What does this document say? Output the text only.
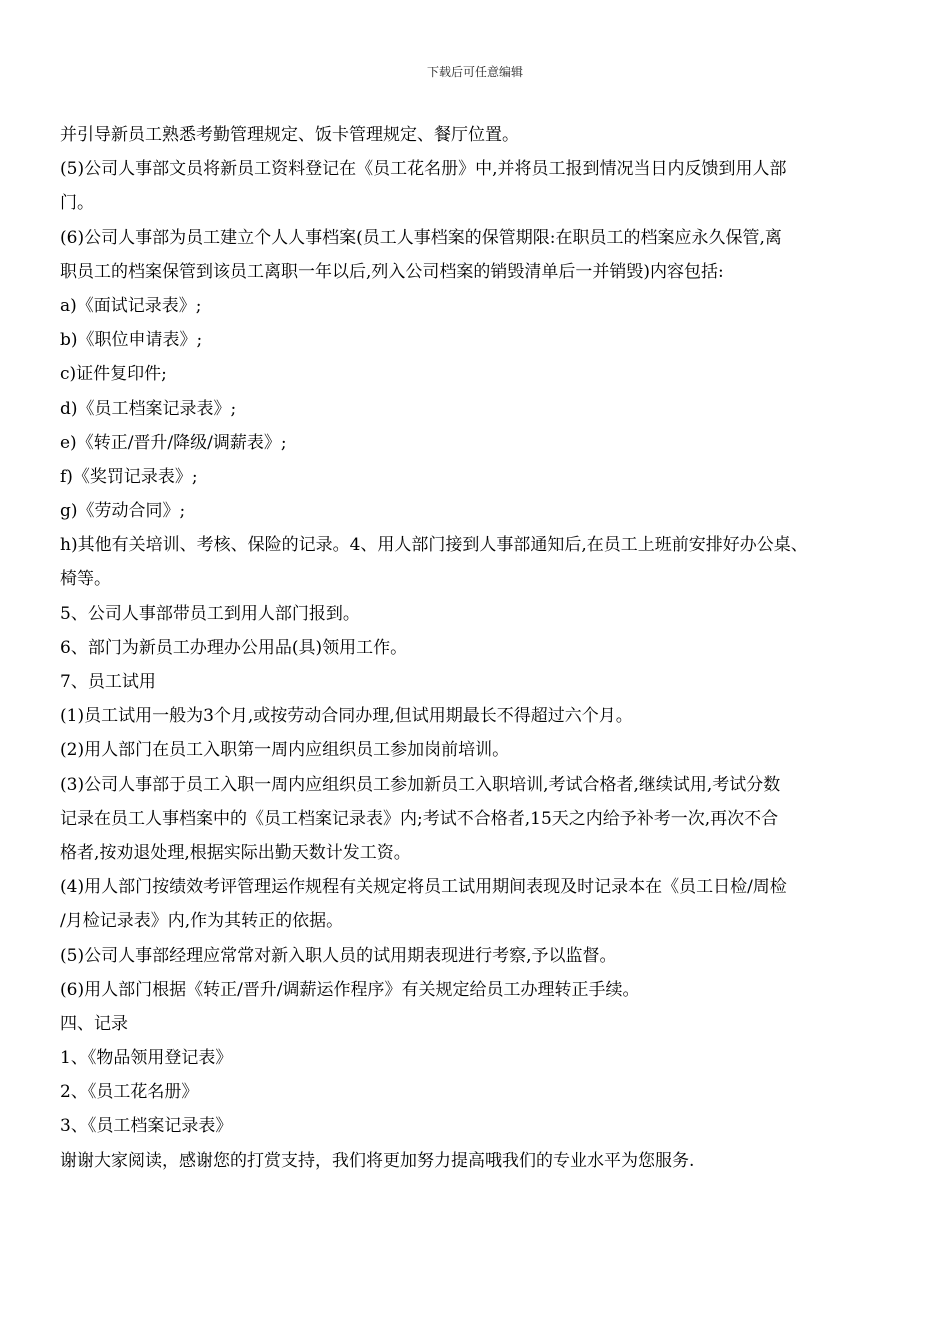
下载后可任意编辑
并引导新员工熟悉考勤管理规定、饭卡管理规定、餐厅位置。
(5)公司人事部文员将新员工资料登记在《员工花名册》中,并将员工报到情况当日内反馈到用人部
门。
(6)公司人事部为员工建立个人人事档案(员工人事档案的保管期限:在职员工的档案应永久保管,离
职员工的档案保管到该员工离职一年以后,列入公司档案的销毁清单后一并销毁)内容包括:
a)《面试记录表》;
b)《职位申请表》;
c)证件复印件;
d)《员工档案记录表》;
e)《转正/晋升/降级/调薪表》;
f)《奖罚记录表》;
g)《劳动合同》;
h)其他有关培训、考核、保险的记录。4、用人部门接到人事部通知后,在员工上班前安排好办公桌、
椅等。
5、公司人事部带员工到用人部门报到。
6、部门为新员工办理办公用品(具)领用工作。
7、员工试用
(1)员工试用一般为3个月,或按劳动合同办理,但试用期最长不得超过六个月。
(2)用人部门在员工入职第一周内应组织员工参加岗前培训。
(3)公司人事部于员工入职一周内应组织员工参加新员工入职培训,考试合格者,继续试用,考试分数
记录在员工人事档案中的《员工档案记录表》内;考试不合格者,15天之内给予补考一次,再次不合
格者,按劝退处理,根据实际出勤天数计发工资。
(4)用人部门按绩效考评管理运作规程有关规定将员工试用期间表现及时记录本在《员工日检/周检
/月检记录表》内,作为其转正的依据。
(5)公司人事部经理应常常对新入职人员的试用期表现进行考察,予以监督。
(6)用人部门根据《转正/晋升/调薪运作程序》有关规定给员工办理转正手续。
四、记录
1、《物品领用登记表》
2、《员工花名册》
3、《员工档案记录表》
谢谢大家阅读，感谢您的打赏支持，我们将更加努力提高哦我们的专业水平为您服务.
